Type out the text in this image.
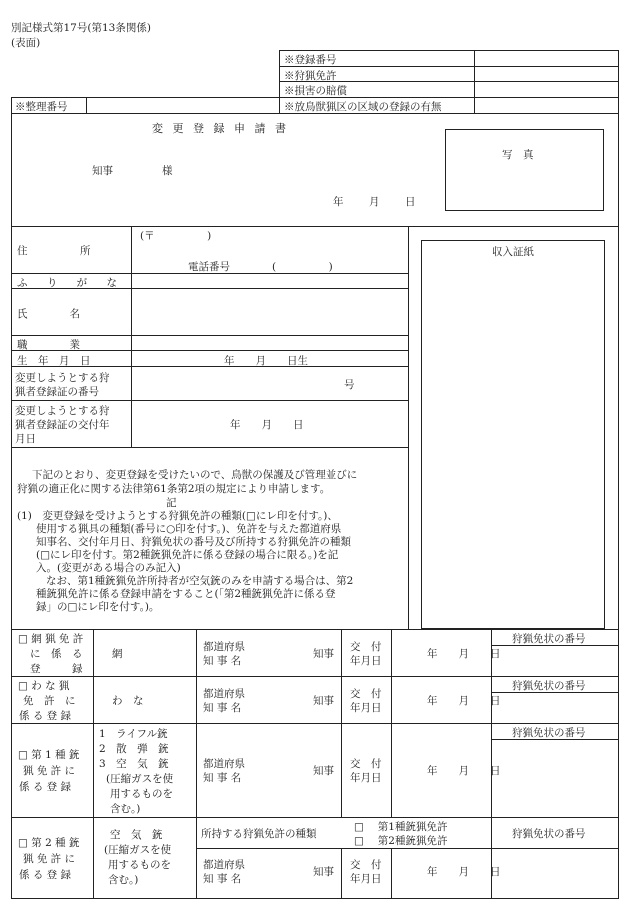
別記様式第17号(第13条関係)
(表面)
※登録番号
※狩猟免許
※損害の賠償
※放鳥獣猟区の区域の登録の有無
※整理番号
変 更 登 録 申 請 書
知事	様
年 月 日
写　真
収入証紙
住　　　　　所
(〒　　　　　)
電話番号　　　　(　　　　　)
ふ り が な
氏　　　　名
職　　　　業
生　年　月　日	年　　月　　日生
変更しようとする狩
猟者登録証の番号
号
変更しようとする狩
猟者登録証の交付年
月日
年　　月　　日
下記のとおり、変更登録を受けたいので、鳥獣の保護及び管理並びに
狩猟の適正化に関する法律第61条第2項の規定により申請します。
記
(1)　変更登録を受けようとする狩猟免許の種類(□にレ印を付す。)、
使用する猟具の種類(番号に○印を付す。)、免許を与えた都道府県
知事名、交付年月日、狩猟免状の番号及び所持する狩猟免許の種類
(□にレ印を付す。第2種銃猟免許に係る登録の場合に限る。)を記
入。(変更がある場合のみ記入)
なお、第1種銃猟免許所持者が空気銃のみを申請する場合は、第2
種銃猟免許に係る登録申請をすること(「第2種銃猟免許に係る登
録」の□にレ印を付す。)。
□ 網 猟 免 許
に　係　る
登　　　録
網
都道府県
知 事 名
知事
交　付
年月日
年　　月　　日
狩猟免状の番号
□ わ な 猟
免　許　に
係 る 登 録
わ　な
都道府県
知 事 名
知事
交　付
年月日
年　　月　　日
狩猟免状の番号
□ 第 1 種 銃
猟 免 許 に
係 る 登 録
1　ライフル銃
2　散　弾　銃
3　空　気　銃
(圧縮ガスを使
用するものを
含む。)
都道府県
知 事 名
知事
交　付
年月日
年　　月　　日
狩猟免状の番号
□ 第 2 種 銃
猟 免 許 に
係 る 登 録
空　気　銃
(圧縮ガスを使
用するものを
含む。)
所持する狩猟免許の種類
□　 第1種銃猟免許
□　 第2種銃猟免許
狩猟免状の番号
都道府県
知 事 名
知事
交　付
年月日
年　　月　　日
